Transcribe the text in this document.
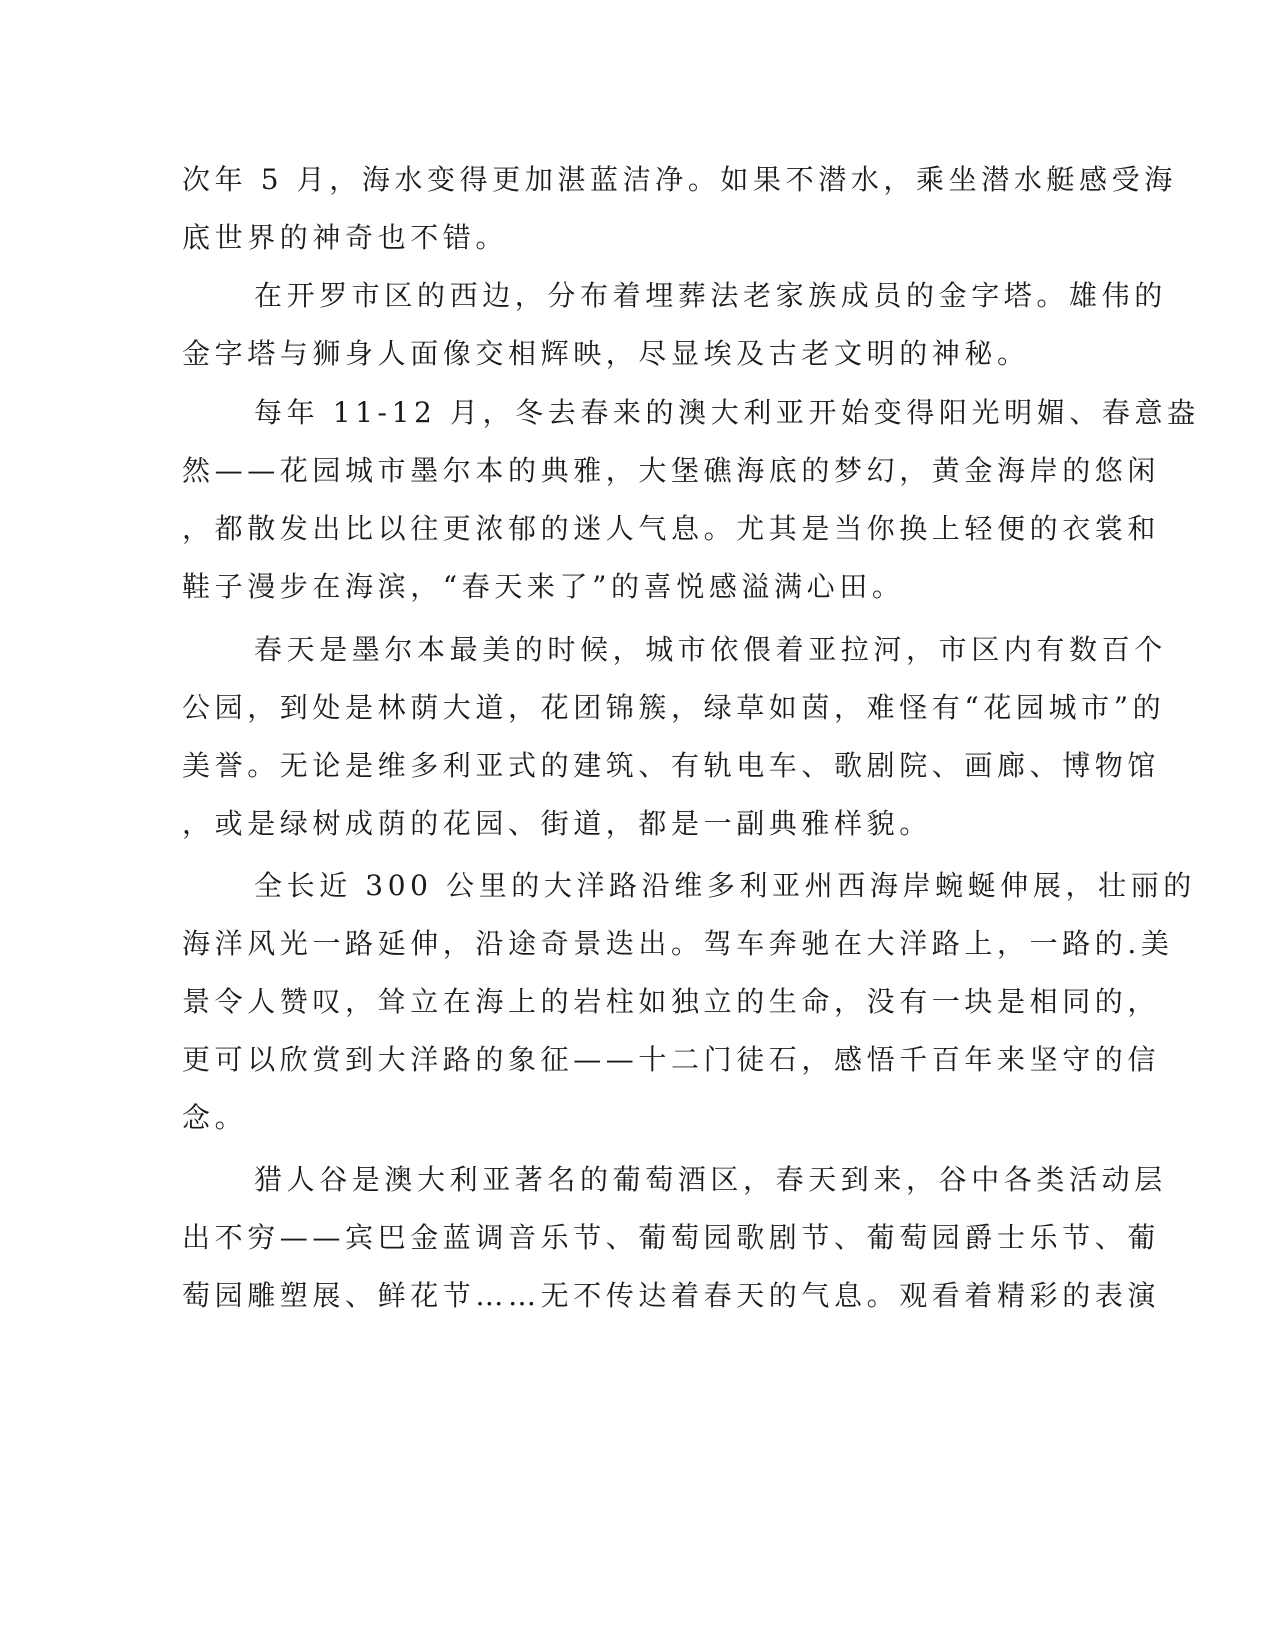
次年 5 月，海水变得更加湛蓝洁净。如果不潜水，乘坐潜水艇感受海
底世界的神奇也不错。
在开罗市区的西边，分布着埋葬法老家族成员的金字塔。雄伟的
金字塔与狮身人面像交相辉映，尽显埃及古老文明的神秘。
每年 11-12 月，冬去春来的澳大利亚开始变得阳光明媚、春意盎
然——花园城市墨尔本的典雅，大堡礁海底的梦幻，黄金海岸的悠闲
，都散发出比以往更浓郁的迷人气息。尤其是当你换上轻便的衣裳和
鞋子漫步在海滨，“春天来了”的喜悦感溢满心田。
春天是墨尔本最美的时候，城市依偎着亚拉河，市区内有数百个
公园，到处是林荫大道，花团锦簇，绿草如茵，难怪有“花园城市”的
美誉。无论是维多利亚式的建筑、有轨电车、歌剧院、画廊、博物馆
，或是绿树成荫的花园、街道，都是一副典雅样貌。
全长近 300 公里的大洋路沿维多利亚州西海岸蜿蜒伸展，壮丽的
海洋风光一路延伸，沿途奇景迭出。驾车奔驰在大洋路上，一路的.美
景令人赞叹，耸立在海上的岩柱如独立的生命，没有一块是相同的，
更可以欣赏到大洋路的象征——十二门徒石，感悟千百年来坚守的信
念。
猎人谷是澳大利亚著名的葡萄酒区，春天到来，谷中各类活动层
出不穷——宾巴金蓝调音乐节、葡萄园歌剧节、葡萄园爵士乐节、葡
萄园雕塑展、鲜花节……无不传达着春天的气息。观看着精彩的表演
